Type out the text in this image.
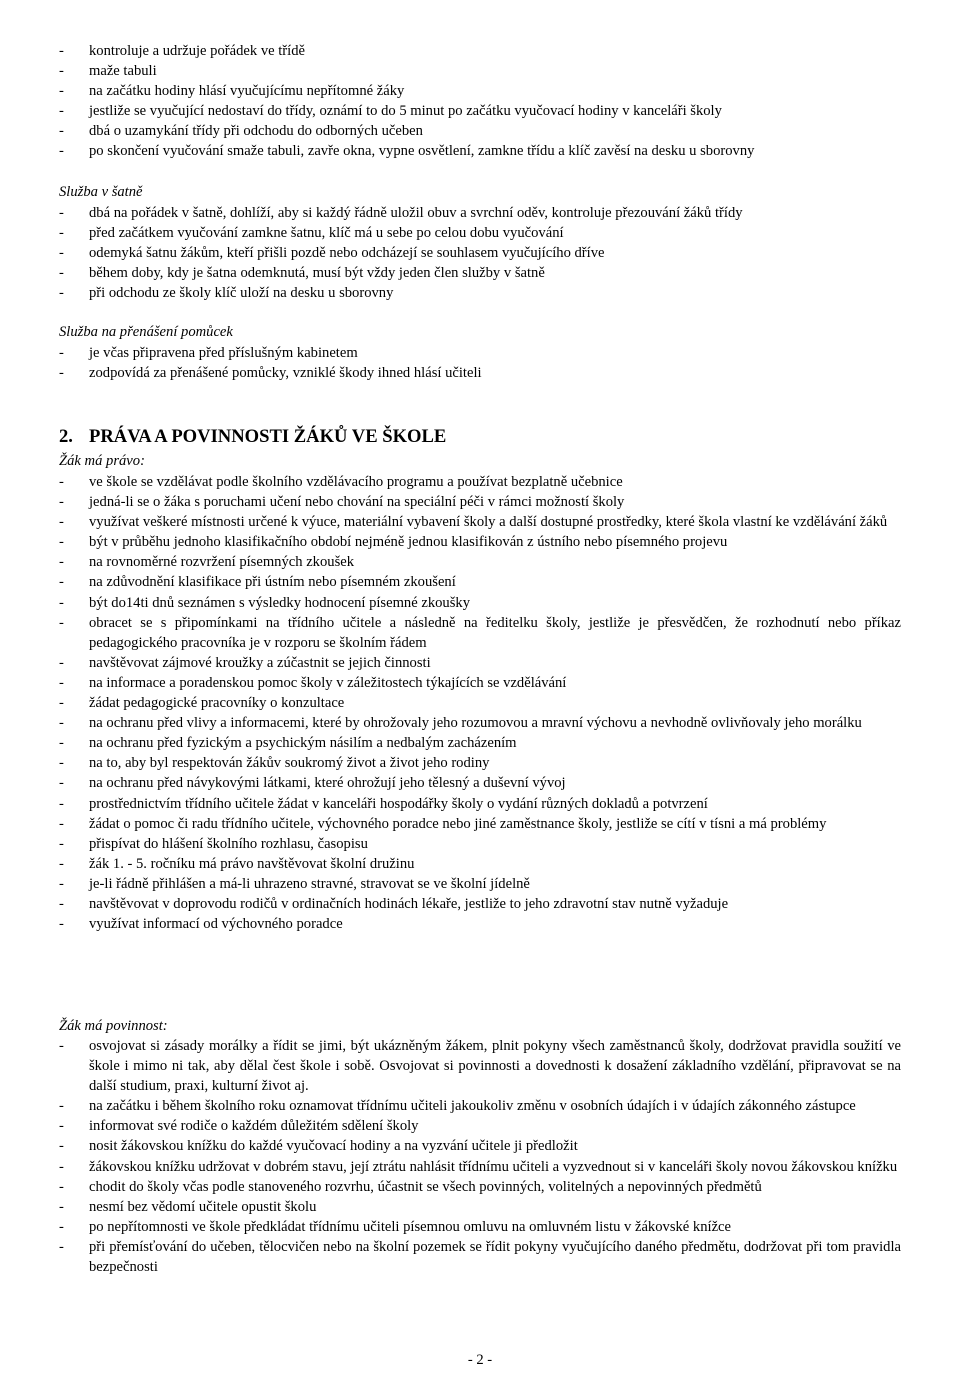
- kontroluje a udržuje pořádek ve třídě
- maže tabuli
- na začátku hodiny hlásí vyučujícímu nepřítomné žáky
- jestliže se vyučující nedostaví do třídy, oznámí to do 5 minut po začátku vyučovací hodiny v kanceláři školy
- dbá o uzamykání třídy při odchodu do odborných učeben
- po skončení vyučování smaže tabuli, zavře okna, vypne osvětlení, zamkne třídu a klíč zavěsí na desku u sborovny
Služba v šatně
- dbá na pořádek v šatně, dohlíží, aby si každý řádně uložil obuv a svrchní oděv, kontroluje přezouvání žáků třídy
- před začátkem vyučování zamkne šatnu, klíč má u sebe po celou dobu vyučování
- odemyká šatnu žákům, kteří přišli pozdě nebo odcházejí se souhlasem vyučujícího dříve
- během doby, kdy je šatna odemknutá, musí být vždy jeden člen služby v šatně
- při odchodu ze školy klíč uloží na desku u sborovny
Služba na přenášení pomůcek
- je včas připravena před příslušným kabinetem
- zodpovídá za přenášené pomůcky, vzniklé škody ihned hlásí učiteli
2. PRÁVA A POVINNOSTI ŽÁKŮ VE ŠKOLE
Žák má právo:
- ve škole se vzdělávat podle školního vzdělávacího programu a používat bezplatně učebnice
- jedná-li se o žáka s poruchami učení nebo chování na speciální péči v rámci možností školy
- využívat veškeré místnosti určené k výuce, materiální vybavení školy a další dostupné prostředky, které škola vlastní ke vzdělávání žáků
- být v průběhu jednoho klasifikačního období nejméně jednou klasifikován z ústního nebo písemného projevu
- na rovnoměrné rozvržení písemných zkoušek
- na zdůvodnění klasifikace při ústním nebo písemném zkoušení
- být do14ti dnů seznámen s výsledky hodnocení písemné zkoušky
- obracet se s připomínkami na třídního učitele a následně na ředitelku školy, jestliže je přesvědčen, že rozhodnutí nebo příkaz pedagogického pracovníka je v rozporu se školním řádem
- navštěvovat zájmové kroužky a zúčastnit se jejich činnosti
- na informace a poradenskou pomoc školy v záležitostech týkajících se vzdělávání
- žádat pedagogické pracovníky o konzultace
- na ochranu před vlivy a informacemi, které by ohrožovaly jeho rozumovou a mravní výchovu a nevhodně ovlivňovaly jeho morálku
- na ochranu před fyzickým a psychickým násilím a nedbalým zacházením
- na to, aby byl respektován žákův soukromý život a život jeho rodiny
- na ochranu před návykovými látkami, které ohrožují jeho tělesný a duševní vývoj
- prostřednictvím třídního učitele žádat v kanceláři hospodářky školy o vydání různých dokladů a potvrzení
- žádat o pomoc či radu třídního učitele, výchovného poradce nebo jiné zaměstnance školy, jestliže se cítí v tísni a má problémy
- přispívat do hlášení školního rozhlasu, časopisu
- žák 1. - 5. ročníku má právo navštěvovat školní družinu
- je-li řádně přihlášen a má-li uhrazeno stravné, stravovat se ve školní jídelně
- navštěvovat v doprovodu rodičů v ordinačních hodinách lékaře, jestliže to jeho zdravotní stav nutně vyžaduje
- využívat informací od výchovného poradce
Žák má povinnost:
- osvojovat si zásady morálky a řídit se jimi, být ukázněným žákem, plnit pokyny všech zaměstnanců školy, dodržovat pravidla soužití ve škole i mimo ni tak, aby dělal čest škole i sobě. Osvojovat si povinnosti a dovednosti k dosažení základního vzdělání, připravovat se na další studium, praxi, kulturní život aj.
- na začátku i během školního roku oznamovat třídnímu učiteli jakoukoliv změnu v osobních údajích i v údajích zákonného zástupce
- informovat své rodiče o každém důležitém sdělení školy
- nosit žákovskou knížku do každé vyučovací hodiny a na vyzvání učitele ji předložit
- žákovskou knížku udržovat v dobrém stavu, její ztrátu nahlásit třídnímu učiteli a vyzvednout si v kanceláři školy novou žákovskou knížku
- chodit do školy včas podle stanoveného rozvrhu, účastnit se všech povinných, volitelných a nepovinných předmětů
- nesmí bez vědomí učitele opustit školu
- po nepřítomnosti ve škole předkládat třídnímu učiteli písemnou omluvu na omluvném listu v žákovské knížce
- při přemísťování do učeben, tělocvičen nebo na školní pozemek se řídit pokyny vyučujícího daného předmětu, dodržovat při tom pravidla bezpečnosti
- 2 -
